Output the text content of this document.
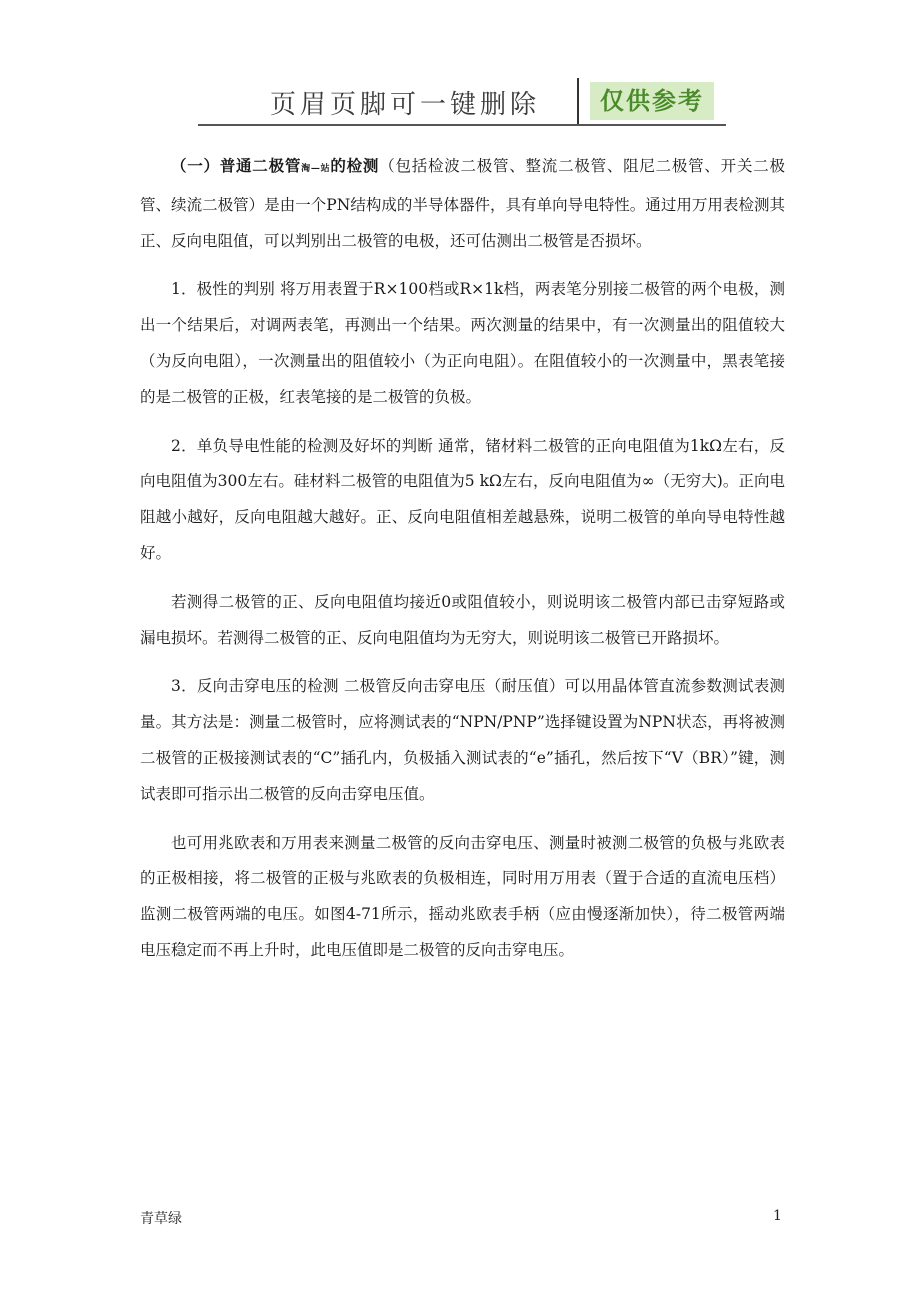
页眉页脚可一键删除	仅供参考

（一）普通二极管淘—站的检测（包括检波二极管、整流二极管、阻尼二极管、开关二极管、续流二极管）是由一个PN结构成的半导体器件，具有单向导电特性。通过用万用表检测其正、反向电阻值，可以判别出二极管的电极，还可估测出二极管是否损坏。

1．极性的判别 将万用表置于R×100档或R×1k档，两表笔分别接二极管的两个电极，测出一个结果后，对调两表笔，再测出一个结果。两次测量的结果中，有一次测量出的阻值较大（为反向电阻），一次测量出的阻值较小（为正向电阻）。在阻值较小的一次测量中，黑表笔接的是二极管的正极，红表笔接的是二极管的负极。

2．单负导电性能的检测及好坏的判断 通常，锗材料二极管的正向电阻值为1kΩ左右，反向电阻值为300左右。硅材料二极管的电阻值为5 kΩ左右，反向电阻值为∞（无穷大)。正向电阻越小越好，反向电阻越大越好。正、反向电阻值相差越悬殊，说明二极管的单向导电特性越好。

若测得二极管的正、反向电阻值均接近0或阻值较小，则说明该二极管内部已击穿短路或漏电损坏。若测得二极管的正、反向电阻值均为无穷大，则说明该二极管已开路损坏。

3．反向击穿电压的检测 二极管反向击穿电压（耐压值）可以用晶体管直流参数测试表测量。其方法是：测量二极管时，应将测试表的“NPN/PNP”选择键设置为NPN状态，再将被测二极管的正极接测试表的“C”插孔内，负极插入测试表的“e”插孔，然后按下“V（BR）”键，测试表即可指示出二极管的反向击穿电压值。

也可用兆欧表和万用表来测量二极管的反向击穿电压、测量时被测二极管的负极与兆欧表的正极相接，将二极管的正极与兆欧表的负极相连，同时用万用表（置于合适的直流电压档）监测二极管两端的电压。如图4-71所示，摇动兆欧表手柄（应由慢逐渐加快），待二极管两端电压稳定而不再上升时，此电压值即是二极管的反向击穿电压。

青草绿	1
